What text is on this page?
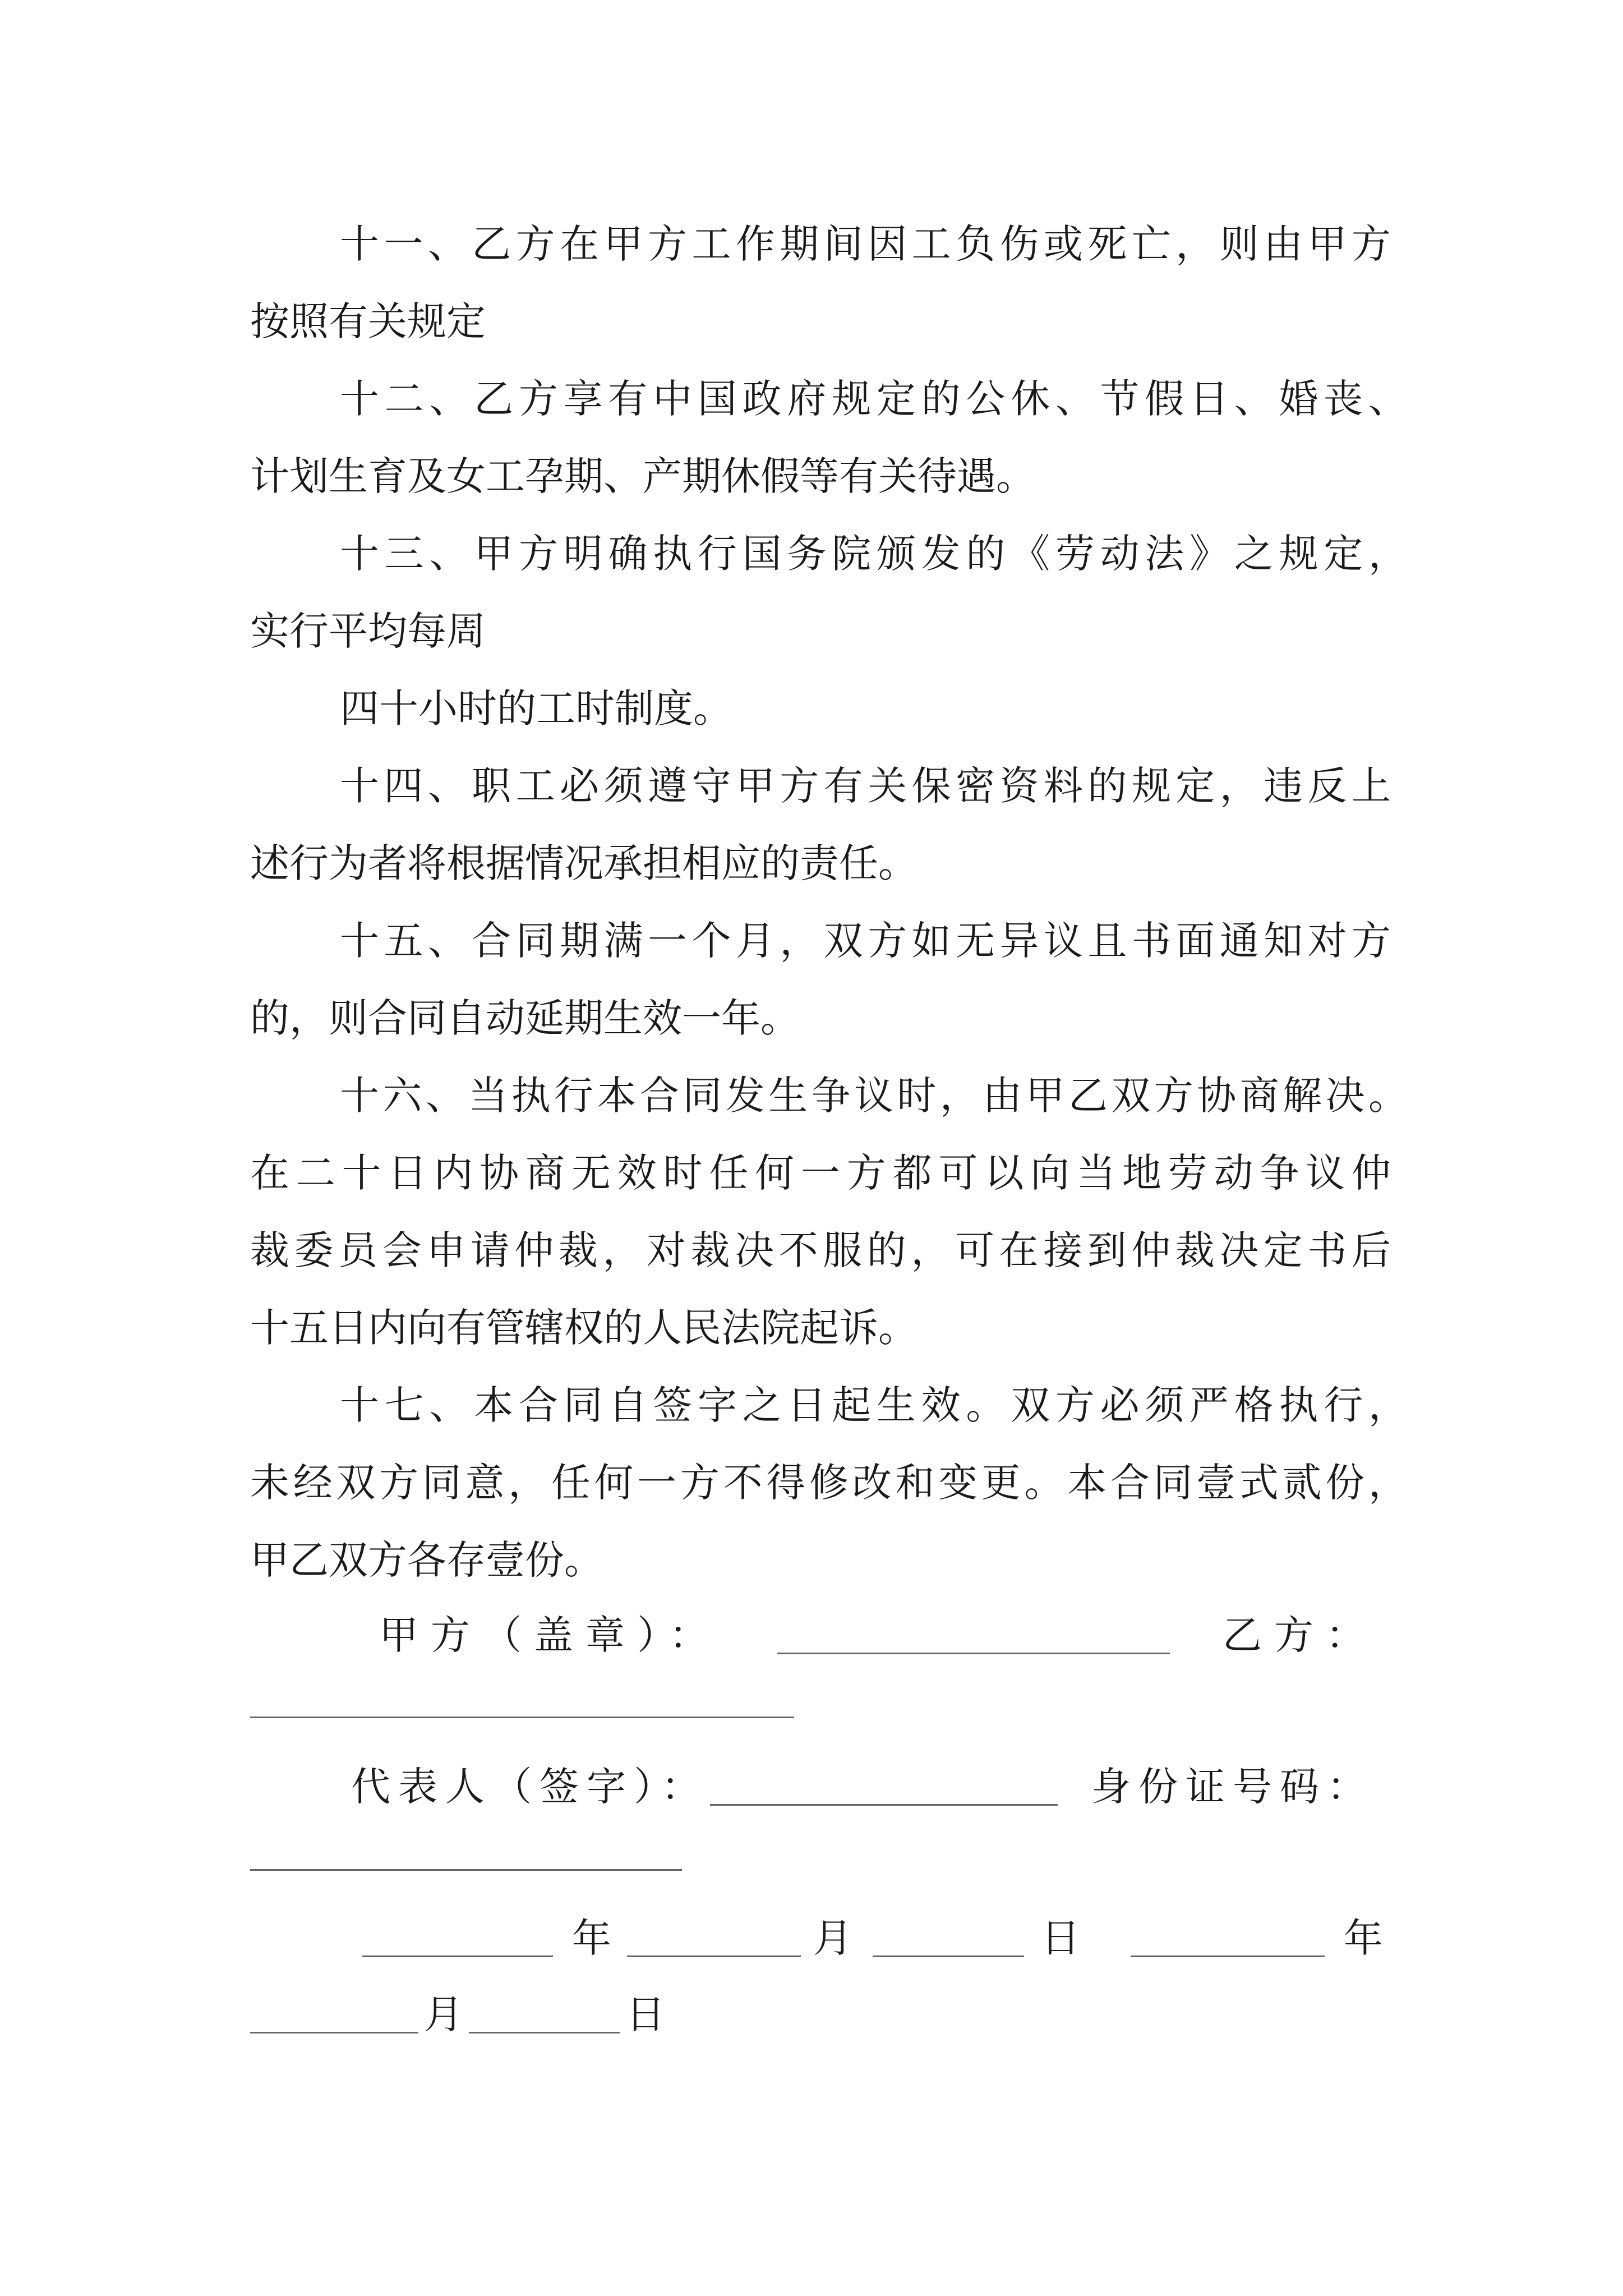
十一、乙方在甲方工作期间因工负伤或死亡，则由甲方
按照有关规定
十二、乙方享有中国政府规定的公休、节假日、婚丧、
计划生育及女工孕期、产期休假等有关待遇。
十三、甲方明确执行国务院颁发的《劳动法》之规定，
实行平均每周
四十小时的工时制度。
十四、职工必须遵守甲方有关保密资料的规定，违反上
述行为者将根据情况承担相应的责任。
十五、合同期满一个月，双方如无异议且书面通知对方
的，则合同自动延期生效一年。
十六、当执行本合同发生争议时，由甲乙双方协商解决。
在二十日内协商无效时任何一方都可以向当地劳动争议仲
裁委员会申请仲裁，对裁决不服的，可在接到仲裁决定书后
十五日内向有管辖权的人民法院起诉。
十七、本合同自签字之日起生效。双方必须严格执行，
未经双方同意，任何一方不得修改和变更。本合同壹式贰份，
甲乙双方各存壹份。
甲方（盖章）：	乙方：
代表人（签字）：	身份证号码：
年	月	日	年
月	日
